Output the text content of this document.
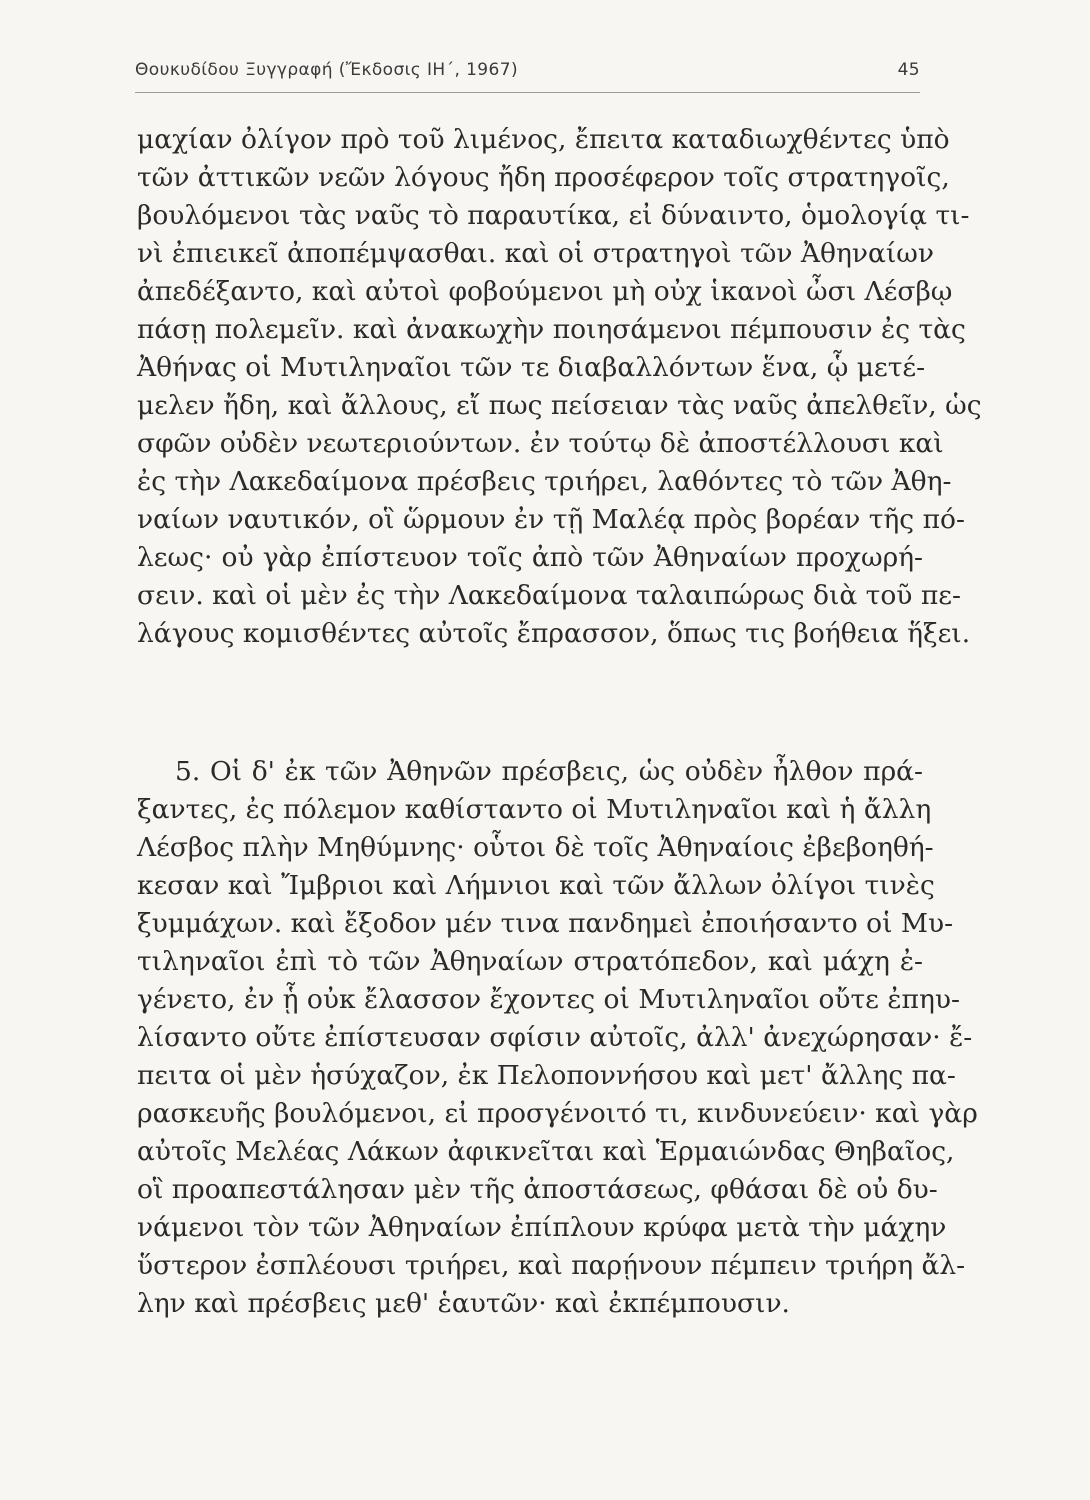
Θουκυδίδου Ξυγγραφή (Ἔκδοσις ΙΗ΄, 1967)	45
μαχίαν ὀλίγον πρὸ τοῦ λιμένος, ἔπειτα καταδιωχθέντες ὑπὸ
τῶν ἀττικῶν νεῶν λόγους ἤδη προσέφερον τοῖς στρατηγοῖς,
βουλόμενοι τὰς ναῦς τὸ παραυτίκα, εἰ δύναιντο, ὁμολογίᾳ τι-
νὶ ἐπιεικεῖ ἀποπέμψασθαι. καὶ οἱ στρατηγοὶ τῶν Ἀθηναίων
ἀπεδέξαντο, καὶ αὐτοὶ φοβούμενοι μὴ οὐχ ἱκανοὶ ὦσι Λέσβῳ
πάσῃ πολεμεῖν. καὶ ἀνακωχὴν ποιησάμενοι πέμπουσιν ἐς τὰς
Ἀθήνας οἱ Μυτιληναῖοι τῶν τε διαβαλλόντων ἕνα, ᾧ μετέ-
μελεν ἤδη, καὶ ἄλλους, εἴ πως πείσειαν τὰς ναῦς ἀπελθεῖν, ὡς
σφῶν οὐδὲν νεωτεριούντων. ἐν τούτῳ δὲ ἀποστέλλουσι καὶ
ἐς τὴν Λακεδαίμονα πρέσβεις τριήρει, λαθόντες τὸ τῶν Ἀθη-
ναίων ναυτικόν, οἳ ὥρμουν ἐν τῇ Μαλέᾳ πρὸς βορέαν τῆς πό-
λεως· οὐ γὰρ ἐπίστευον τοῖς ἀπὸ τῶν Ἀθηναίων προχωρή-
σειν. καὶ οἱ μὲν ἐς τὴν Λακεδαίμονα ταλαιπώρως διὰ τοῦ πε-
λάγους κομισθέντες αὐτοῖς ἔπρασσον, ὅπως τις βοήθεια ἥξει.
5. Οἱ δ' ἐκ τῶν Ἀθηνῶν πρέσβεις, ὡς οὐδὲν ἦλθον πρά-
ξαντες, ἐς πόλεμον καθίσταντο οἱ Μυτιληναῖοι καὶ ἡ ἄλλη
Λέσβος πλὴν Μηθύμνης· οὗτοι δὲ τοῖς Ἀθηναίοις ἐβεβοηθή-
κεσαν καὶ Ἴμβριοι καὶ Λήμνιοι καὶ τῶν ἄλλων ὀλίγοι τινὲς
ξυμμάχων. καὶ ἔξοδον μέν τινα πανδημεὶ ἐποιήσαντο οἱ Μυ-
τιληναῖοι ἐπὶ τὸ τῶν Ἀθηναίων στρατόπεδον, καὶ μάχη ἐ-
γένετο, ἐν ᾗ οὐκ ἔλασσον ἔχοντες οἱ Μυτιληναῖοι οὔτε ἐπηυ-
λίσαντο οὔτε ἐπίστευσαν σφίσιν αὐτοῖς, ἀλλ' ἀνεχώρησαν· ἔ-
πειτα οἱ μὲν ἡσύχαζον, ἐκ Πελοποννήσου καὶ μετ' ἄλλης πα-
ρασκευῆς βουλόμενοι, εἰ προσγένοιτό τι, κινδυνεύειν· καὶ γὰρ
αὐτοῖς Μελέας Λάκων ἀφικνεῖται καὶ Ἑρμαιώνδας Θηβαῖος,
οἳ προαπεστάλησαν μὲν τῆς ἀποστάσεως, φθάσαι δὲ οὐ δυ-
νάμενοι τὸν τῶν Ἀθηναίων ἐπίπλουν κρύφα μετὰ τὴν μάχην
ὕστερον ἐσπλέουσι τριήρει, καὶ παρῄνουν πέμπειν τριήρη ἄλ-
λην καὶ πρέσβεις μεθ' ἑαυτῶν· καὶ ἐκπέμπουσιν.
